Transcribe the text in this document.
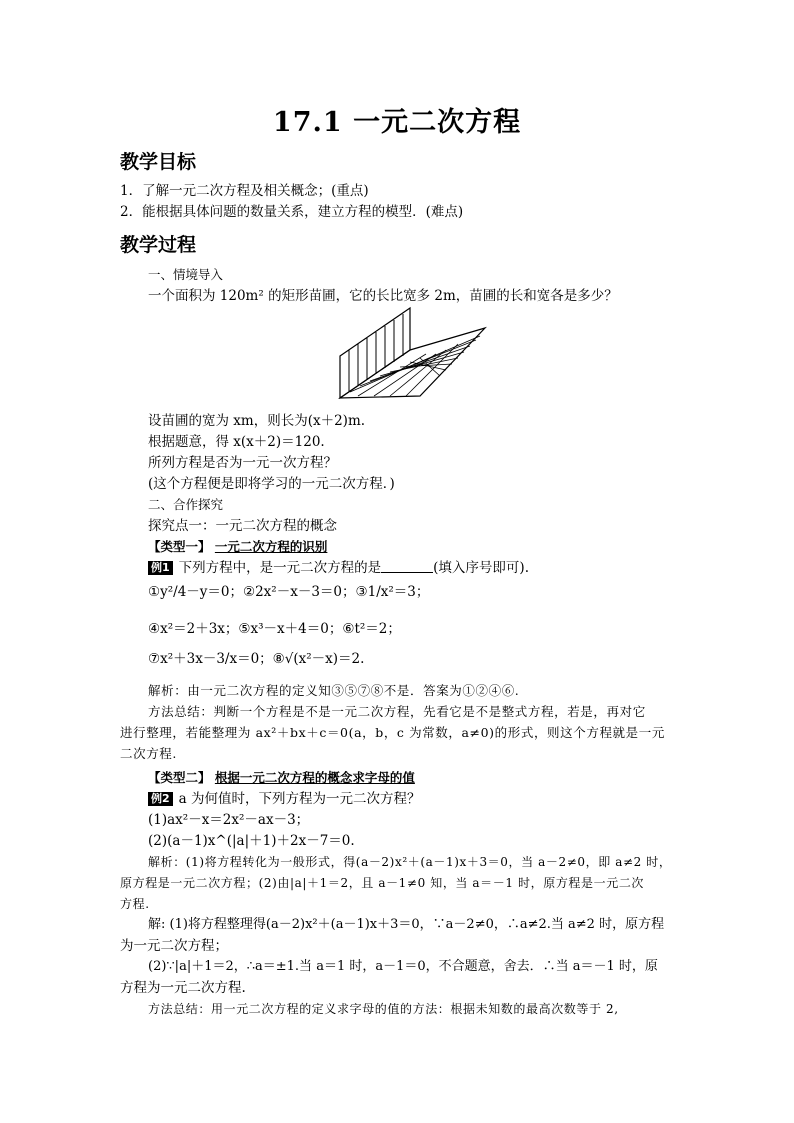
17.1 一元二次方程
教学目标
1．了解一元二次方程及相关概念；(重点)
2．能根据具体问题的数量关系，建立方程的模型．(难点)
教学过程
一、情境导入
一个面积为 120m² 的矩形苗圃，它的长比宽多 2m，苗圃的长和宽各是多少？
设苗圃的宽为 xm，则长为(x＋2)m.
根据题意，得 x(x＋2)＝120.
所列方程是否为一元一次方程？
(这个方程便是即将学习的一元二次方程．)
二、合作探究
探究点一：一元二次方程的概念
【类型一】 一元二次方程的识别
例1 下列方程中，是一元二次方程的是	(填入序号即可).
①y²/4－y＝0；②2x²－x－3＝0；③1/x²＝3；
④x²＝2＋3x；⑤x³－x＋4＝0；⑥t²＝2；
⑦x²＋3x－3/x＝0；⑧√(x²－x)＝2.
解析：由一元二次方程的定义知③⑤⑦⑧不是．答案为①②④⑥.
方法总结：判断一个方程是不是一元二次方程，先看它是不是整式方程，若是，再对它
进行整理，若能整理为 ax²＋bx＋c＝0(a，b，c 为常数，a≠0)的形式，则这个方程就是一元
二次方程.
【类型二】 根据一元二次方程的概念求字母的值
例2 a 为何值时，下列方程为一元二次方程？
(1)ax²－x＝2x²－ax－3；
(2)(a－1)x^(|a|＋1)＋2x－7＝0.
解析：(1)将方程转化为一般形式，得(a－2)x²＋(a－1)x＋3＝0，当 a－2≠0，即 a≠2 时，
原方程是一元二次方程；(2)由|a|＋1＝2，且 a－1≠0 知，当 a＝－1 时，原方程是一元二次
方程.
解: (1)将方程整理得(a－2)x²＋(a－1)x＋3＝0，∵a－2≠0，∴a≠2.当 a≠2 时，原方程
为一元二次方程；
(2)∵|a|＋1＝2，∴a＝±1.当 a＝1 时，a－1＝0，不合题意，舍去．∴当 a＝－1 时，原
方程为一元二次方程.
方法总结：用一元二次方程的定义求字母的值的方法：根据未知数的最高次数等于 2,
